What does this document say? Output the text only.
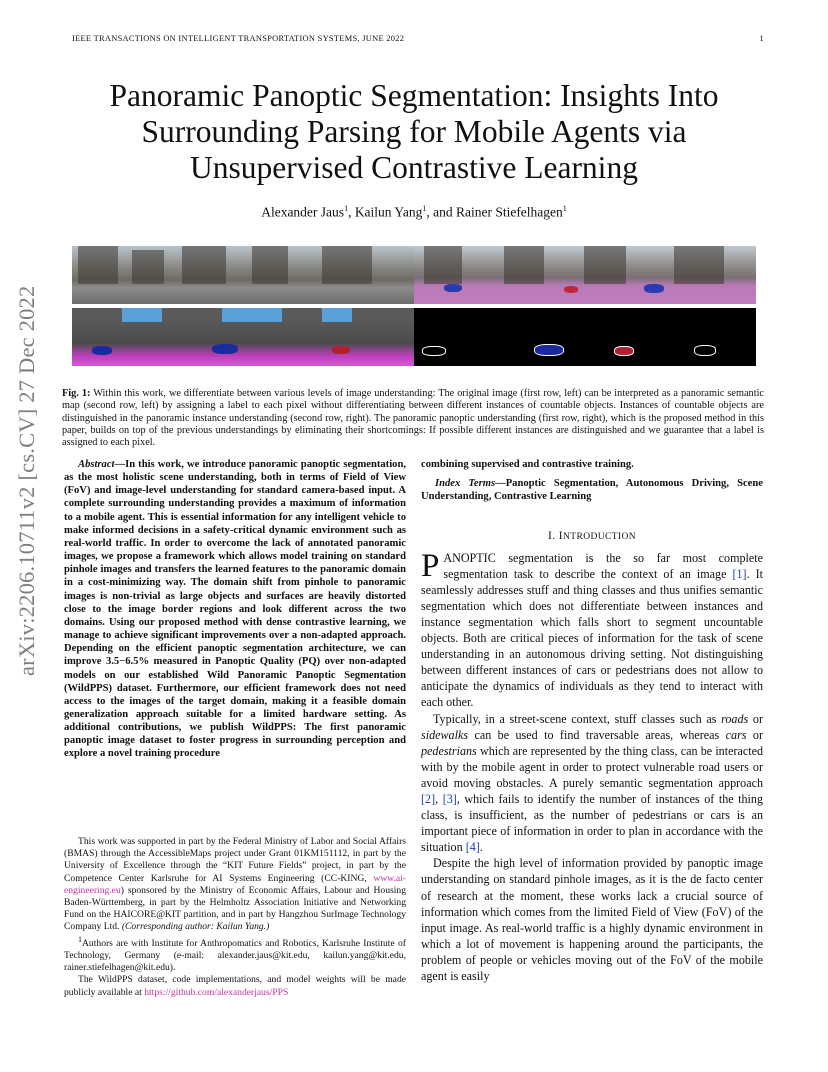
IEEE TRANSACTIONS ON INTELLIGENT TRANSPORTATION SYSTEMS, JUNE 2022	1
arXiv:2206.10711v2 [cs.CV] 27 Dec 2022
Panoramic Panoptic Segmentation: Insights Into
Surrounding Parsing for Mobile Agents via
Unsupervised Contrastive Learning
Alexander Jaus$^1$, Kailun Yang$^1$, and Rainer Stiefelhagen$^1$
Fig. 1: Within this work, we differentiate between various levels of image understanding: The original image (first row, left) can be interpreted as a panoramic semantic map (second row, left) by assigning a label to each pixel without differentiating between different instances of countable objects. Instances of countable objects are distinguished in the panoramic instance understanding (second row, right). The panoramic panoptic understanding (first row, right), which is the proposed method in this paper, builds on top of the previous understandings by eliminating their shortcomings: If possible different instances are distinguished and we guarantee that a label is assigned to each pixel.
Abstract—In this work, we introduce panoramic panoptic segmentation, as the most holistic scene understanding, both in terms of Field of View (FoV) and image-level understanding for standard camera-based input. A complete surrounding understanding provides a maximum of information to a mobile agent. This is essential information for any intelligent vehicle to make informed decisions in a safety-critical dynamic environment such as real-world traffic. In order to overcome the lack of annotated panoramic images, we propose a framework which allows model training on standard pinhole images and transfers the learned features to the panoramic domain in a cost-minimizing way. The domain shift from pinhole to panoramic images is non-trivial as large objects and surfaces are heavily distorted close to the image border regions and look different across the two domains. Using our proposed method with dense contrastive learning, we manage to achieve significant improvements over a non-adapted approach. Depending on the efficient panoptic segmentation architecture, we can improve 3.5−6.5% measured in Panoptic Quality (PQ) over non-adapted models on our established Wild Panoramic Panoptic Segmentation (WildPPS) dataset. Furthermore, our efficient framework does not need access to the images of the target domain, making it a feasible domain generalization approach suitable for a limited hardware setting. As additional contributions, we publish WildPPS: The first panoramic panoptic image dataset to foster progress in surrounding perception and explore a novel training procedure

This work was supported in part by the Federal Ministry of Labor and Social Affairs (BMAS) through the AccessibleMaps project under Grant 01KM151112, in part by the University of Excellence through the “KIT Future Fields” project, in part by the Competence Center Karlsruhe for AI Systems Engineering (CC-KING, www.ai-engineering.eu) sponsored by the Ministry of Economic Affairs, Labour and Housing Baden-Württemberg, in part by the Helmholtz Association Initiative and Networking Fund on the HAICORE@KIT partition, and in part by Hangzhou SurImage Technology Company Ltd. (Corresponding author: Kailun Yang.)

$^1$Authors are with Institute for Anthropomatics and Robotics, Karlsruhe Institute of Technology, Germany (e-mail: alexander.jaus@kit.edu, kailun.yang@kit.edu, rainer.stiefelhagen@kit.edu).

The WildPPS dataset, code implementations, and model weights will be made publicly available at https://github.com/alexanderjaus/PPS

combining supervised and contrastive training.
Index Terms—Panoptic Segmentation, Autonomous Driving, Scene Understanding, Contrastive Learning
I. INTRODUCTION

PANOPTIC segmentation is the so far most complete segmentation task to describe the context of an image [1]. It seamlessly addresses stuff and thing classes and thus unifies semantic segmentation which does not differentiate between instances and instance segmentation which falls short to segment uncountable objects. Both are critical pieces of information for the task of scene understanding in an autonomous driving setting. Not distinguishing between different instances of cars or pedestrians does not allow to anticipate the dynamics of individuals as they tend to interact with each other.

Typically, in a street-scene context, stuff classes such as roads or sidewalks can be used to find traversable areas, whereas cars or pedestrians which are represented by the thing class, can be interacted with by the mobile agent in order to protect vulnerable road users or avoid moving obstacles. A purely semantic segmentation approach [2], [3], which fails to identify the number of instances of the thing class, is insufficient, as the number of pedestrians or cars is an important piece of information in order to plan in accordance with the situation [4].

Despite the high level of information provided by panoptic image understanding on standard pinhole images, as it is the de facto center of research at the moment, these works lack a crucial source of information which comes from the limited Field of View (FoV) of the input image. As real-world traffic is a highly dynamic environment in which a lot of movement is happening around the participants, the problem of people or vehicles moving out of the FoV of the mobile agent is easily
